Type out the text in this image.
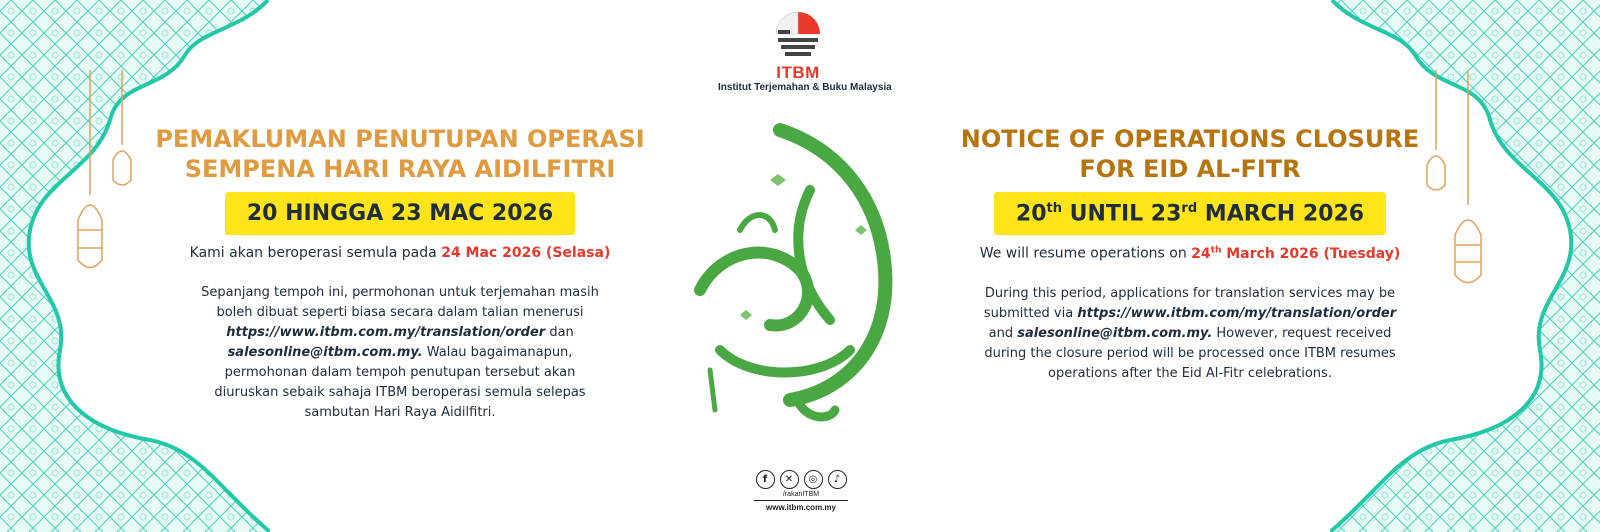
ITBM
Institut Terjemahan & Buku Malaysia
PEMAKLUMAN PENUTUPAN OPERASI
SEMPENA HARI RAYA AIDILFITRI
20 HINGGA 23 MAC 2026
Kami akan beroperasi semula pada 24 Mac 2026 (Selasa)
Sepanjang tempoh ini, permohonan untuk terjemahan masih boleh dibuat seperti biasa secara dalam talian menerusi https://www.itbm.com.my/translation/order dan salesonline@itbm.com.my. Walau bagaimanapun, permohonan dalam tempoh penutupan tersebut akan diuruskan sebaik sahaja ITBM beroperasi semula selepas sambutan Hari Raya Aidilfitri.
NOTICE OF OPERATIONS CLOSURE
FOR EID AL-FITR
20th UNTIL 23rd MARCH 2026
We will resume operations on 24th March 2026 (Tuesday)
During this period, applications for translation services may be submitted via https://www.itbm.com/my/translation/order and salesonline@itbm.com.my. However, request received during the closure period will be processed once ITBM resumes operations after the Eid Al-Fitr celebrations.
f	✕	◎	♪
/rakanITBM
www.itbm.com.my
